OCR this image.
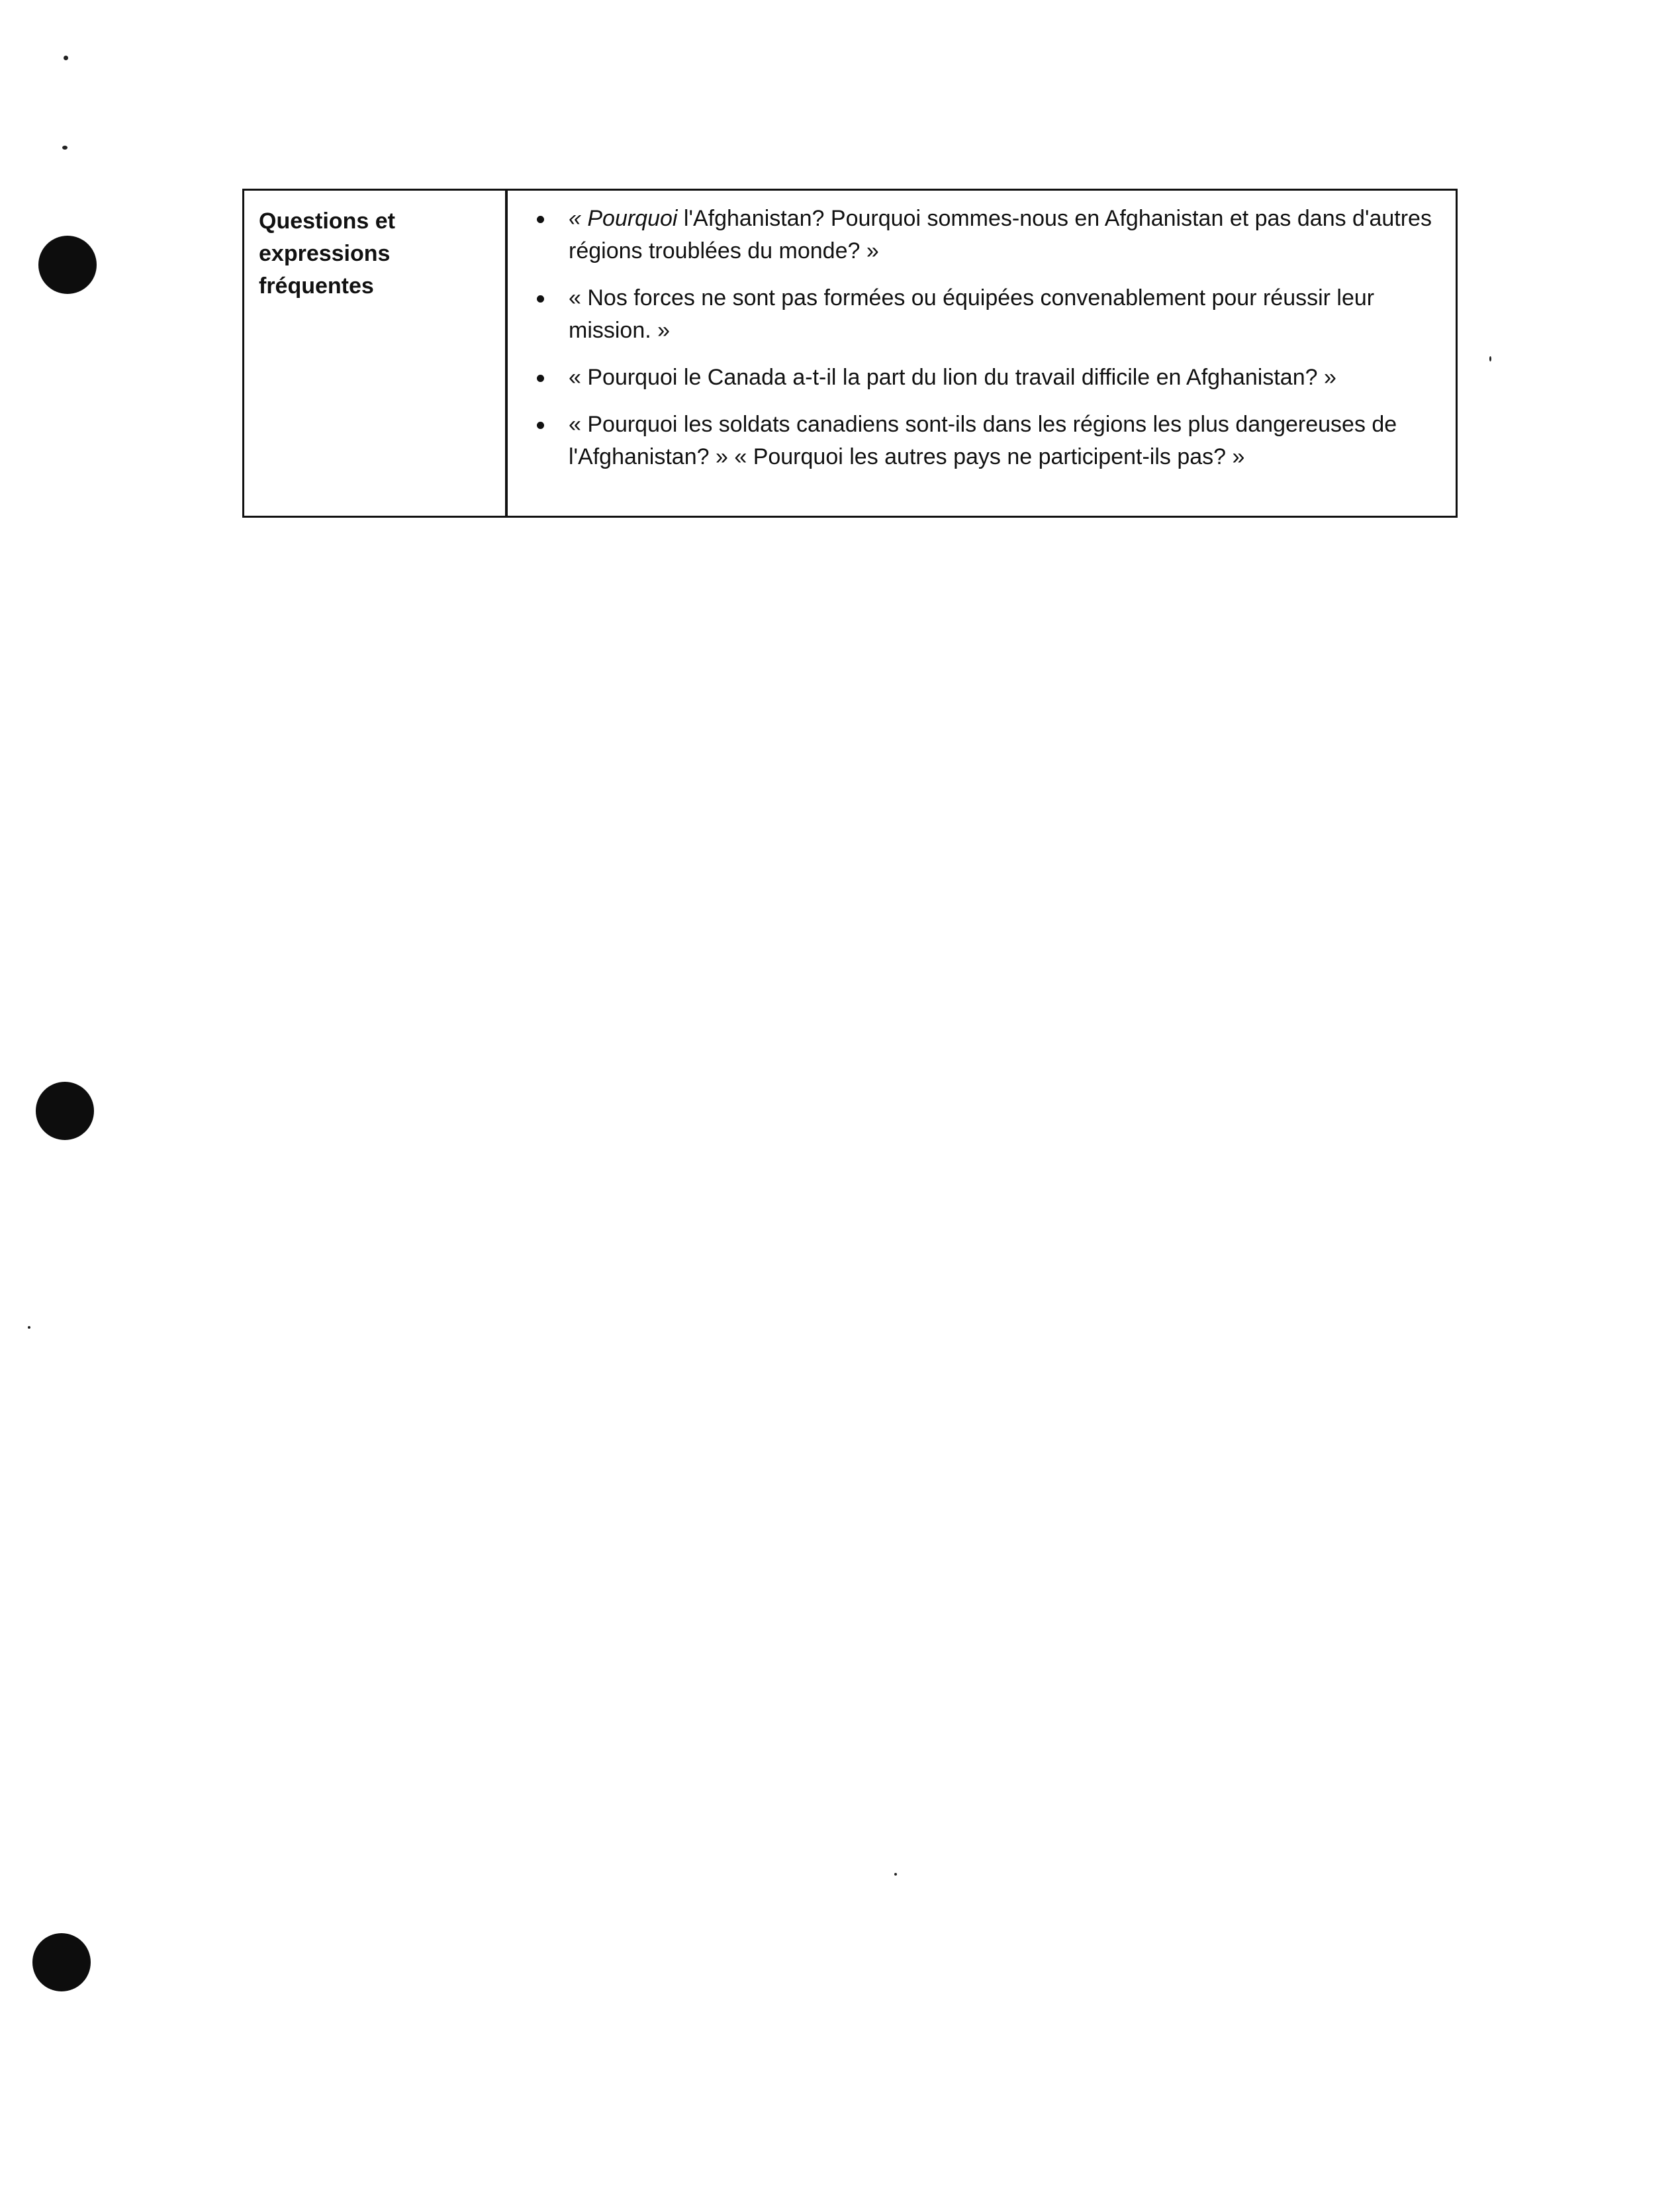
Questions et expressions fréquentes
« Pourquoi l'Afghanistan? Pourquoi sommes-nous en Afghanistan et pas dans d'autres régions troublées du monde? »
« Nos forces ne sont pas formées ou équipées convenablement pour réussir leur mission. »
« Pourquoi le Canada a-t-il la part du lion du travail difficile en Afghanistan? »
« Pourquoi les soldats canadiens sont-ils dans les régions les plus dangereuses de l'Afghanistan? » « Pourquoi les autres pays ne participent-ils pas? »
